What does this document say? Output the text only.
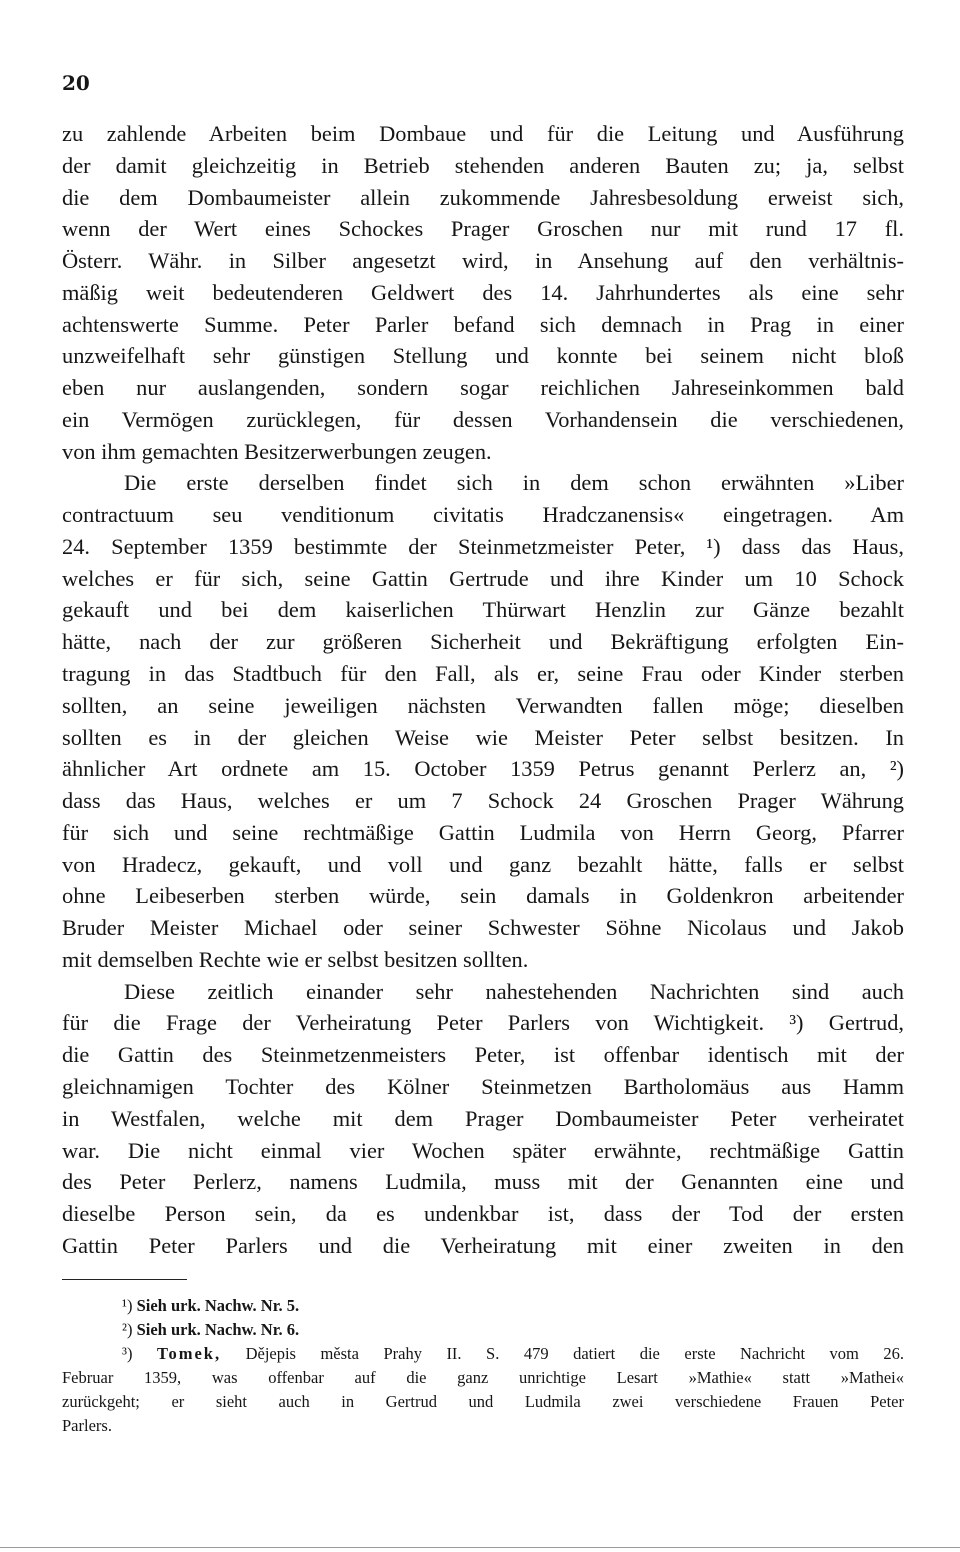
20
zu zahlende Arbeiten beim Dombaue und für die Leitung und Ausführung
der damit gleichzeitig in Betrieb stehenden anderen Bauten zu; ja, selbst
die dem Dombaumeister allein zukommende Jahresbesoldung erweist sich,
wenn der Wert eines Schockes Prager Groschen nur mit rund 17 fl.
Österr. Währ. in Silber angesetzt wird, in Ansehung auf den verhältnis-
mäßig weit bedeutenderen Geldwert des 14. Jahrhundertes als eine sehr
achtenswerte Summe. Peter Parler befand sich demnach in Prag in einer
unzweifelhaft sehr günstigen Stellung und konnte bei seinem nicht bloß
eben nur auslangenden, sondern sogar reichlichen Jahreseinkommen bald
ein Vermögen zurücklegen, für dessen Vorhandensein die verschiedenen,
von ihm gemachten Besitzerwerbungen zeugen.
Die erste derselben findet sich in dem schon erwähnten »Liber
contractuum seu venditionum civitatis Hradczanensis« eingetragen. Am
24. September 1359 bestimmte der Steinmetzmeister Peter, ¹) dass das Haus,
welches er für sich, seine Gattin Gertrude und ihre Kinder um 10 Schock
gekauft und bei dem kaiserlichen Thürwart Henzlin zur Gänze bezahlt
hätte, nach der zur größeren Sicherheit und Bekräftigung erfolgten Ein-
tragung in das Stadtbuch für den Fall, als er, seine Frau oder Kinder sterben
sollten, an seine jeweiligen nächsten Verwandten fallen möge; dieselben
sollten es in der gleichen Weise wie Meister Peter selbst besitzen. In
ähnlicher Art ordnete am 15. October 1359 Petrus genannt Perlerz an, ²)
dass das Haus, welches er um 7 Schock 24 Groschen Prager Währung
für sich und seine rechtmäßige Gattin Ludmila von Herrn Georg, Pfarrer
von Hradecz, gekauft, und voll und ganz bezahlt hätte, falls er selbst
ohne Leibeserben sterben würde, sein damals in Goldenkron arbeitender
Bruder Meister Michael oder seiner Schwester Söhne Nicolaus und Jakob
mit demselben Rechte wie er selbst besitzen sollten.
Diese zeitlich einander sehr nahestehenden Nachrichten sind auch
für die Frage der Verheiratung Peter Parlers von Wichtigkeit. ³) Gertrud,
die Gattin des Steinmetzenmeisters Peter, ist offenbar identisch mit der
gleichnamigen Tochter des Kölner Steinmetzen Bartholomäus aus Hamm
in Westfalen, welche mit dem Prager Dombaumeister Peter verheiratet
war. Die nicht einmal vier Wochen später erwähnte, rechtmäßige Gattin
des Peter Perlerz, namens Ludmila, muss mit der Genannten eine und
dieselbe Person sein, da es undenkbar ist, dass der Tod der ersten
Gattin Peter Parlers und die Verheiratung mit einer zweiten in den
¹) Sieh urk. Nachw. Nr. 5.
²) Sieh urk. Nachw. Nr. 6.
³) Tomek, Dějepis města Prahy II. S. 479 datiert die erste Nachricht vom 26.
Februar 1359, was offenbar auf die ganz unrichtige Lesart »Mathie« statt »Mathei«
zurückgeht; er sieht auch in Gertrud und Ludmila zwei verschiedene Frauen Peter
Parlers.
